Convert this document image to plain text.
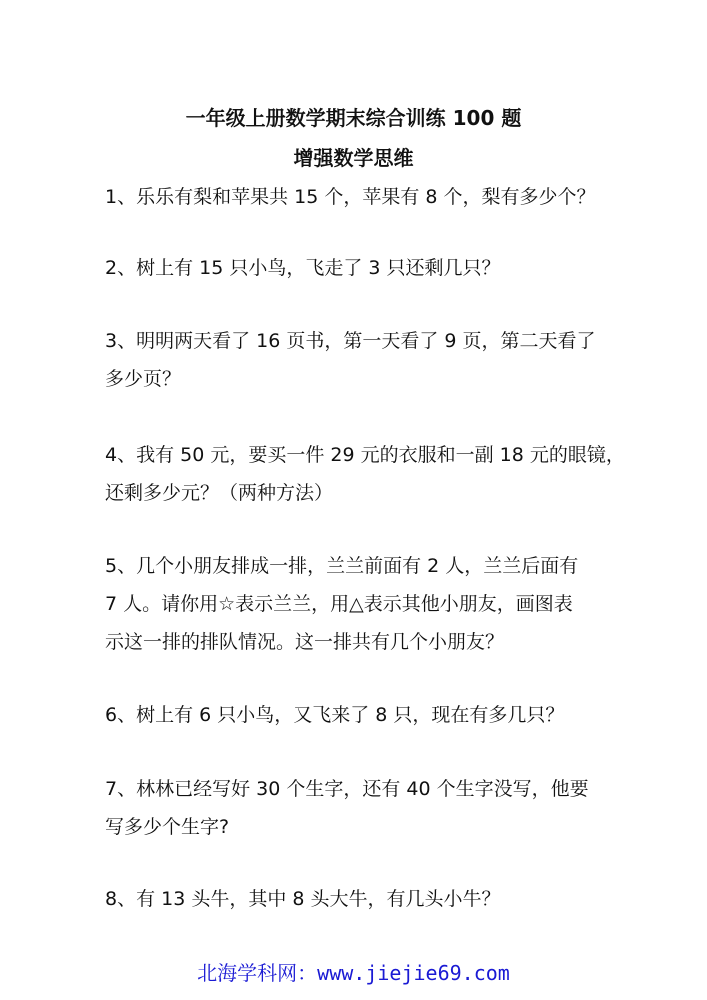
一年级上册数学期末综合训练 100 题
增强数学思维
1、乐乐有梨和苹果共 15 个，苹果有 8 个，梨有多少个？
2、树上有 15 只小鸟，飞走了 3 只还剩几只？
3、明明两天看了 16 页书，第一天看了 9 页，第二天看了
多少页？
4、我有 50 元，要买一件 29 元的衣服和一副 18 元的眼镜，
还剩多少元？（两种方法）
5、几个小朋友排成一排，兰兰前面有 2 人，兰兰后面有
7 人。请你用☆表示兰兰，用△表示其他小朋友，画图表
示这一排的排队情况。这一排共有几个小朋友？
6、树上有 6 只小鸟，又飞来了 8 只，现在有多几只？
7、林林已经写好 30 个生字，还有 40 个生字没写，他要
写多少个生字?
8、有 13 头牛，其中 8 头大牛，有几头小牛？

北海学科网：www.jiejie69.com
